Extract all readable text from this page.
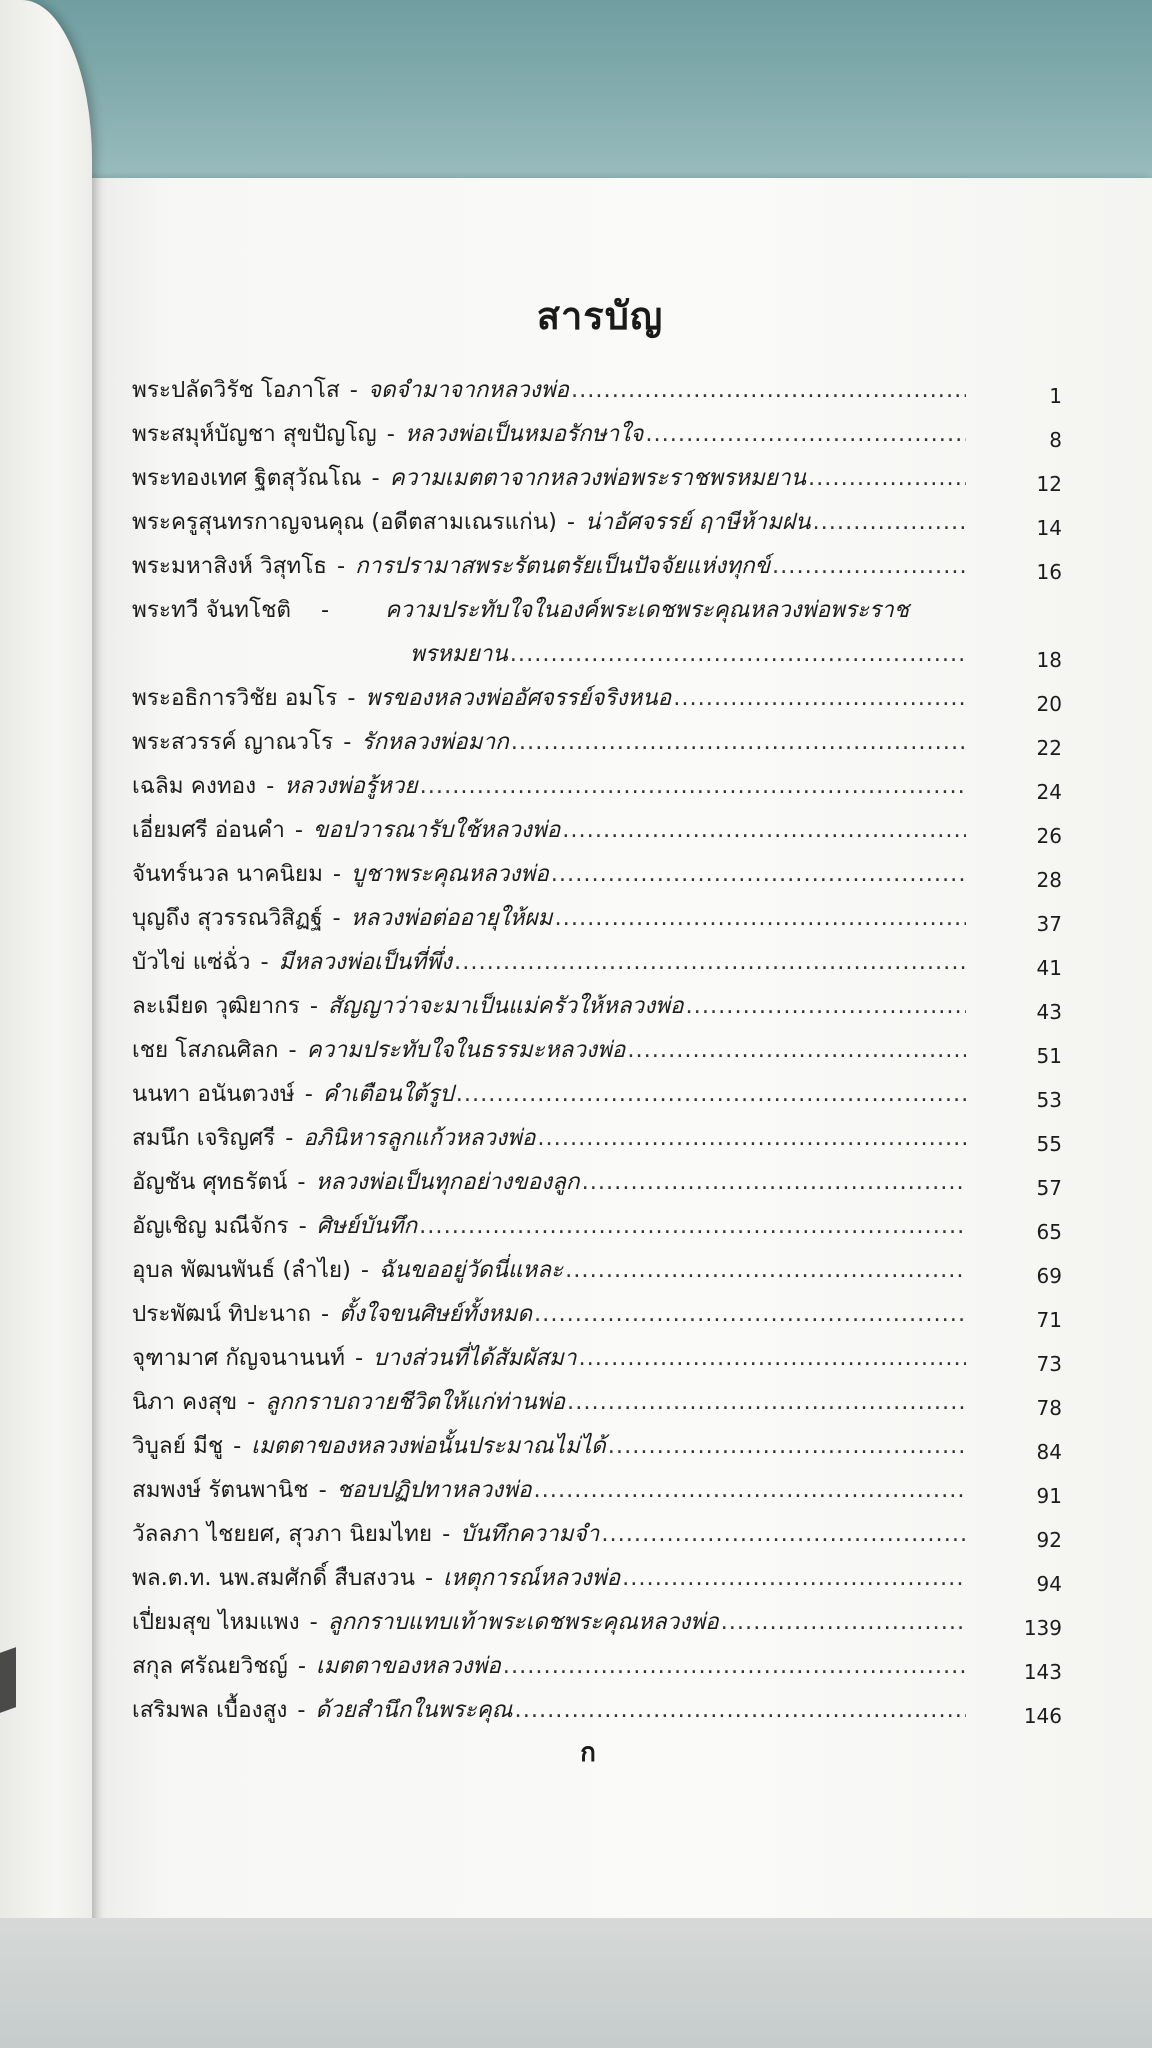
สารบัญ
พระปลัดวิรัช โอภาโส - จดจำมาจากหลวงพ่อ .....	1
พระสมุห์บัญชา สุขปัญโญ - หลวงพ่อเป็นหมอรักษาใจ .....	8
พระทองเทศ ฐิตสุวัณโณ - ความเมตตาจากหลวงพ่อพระราชพรหมยาน .....	12
พระครูสุนทรกาญจนคุณ (อดีตสามเณรแก่น) - น่าอัศจรรย์ ฤาษีห้ามฝน .....	14
พระมหาสิงห์ วิสุทโธ - การปรามาสพระรัตนตรัยเป็นปัจจัยแห่งทุกข์ .....	16
พระทวี จันทโชติ	-	ความประทับใจในองค์พระเดชพระคุณหลวงพ่อพระราช
พรหมยาน .....	18
พระอธิการวิชัย อมโร - พรของหลวงพ่ออัศจรรย์จริงหนอ .....	20
พระสวรรค์ ญาณวโร - รักหลวงพ่อมาก .....	22
เฉลิม คงทอง - หลวงพ่อรู้หวย .....	24
เอี่ยมศรี อ่อนคำ - ขอปวารณารับใช้หลวงพ่อ .....	26
จันทร์นวล นาคนิยม - บูชาพระคุณหลวงพ่อ .....	28
บุญถึง สุวรรณวิสิฏฐ์ - หลวงพ่อต่ออายุให้ผม .....	37
บัวไข่ แซ่ฉั่ว - มีหลวงพ่อเป็นที่พึ่ง .....	41
ละเมียด วุฒิยากร - สัญญาว่าจะมาเป็นแม่ครัวให้หลวงพ่อ .....	43
เชย โสภณศิลก - ความประทับใจในธรรมะหลวงพ่อ .....	51
นนทา อนันตวงษ์ - คำเตือนใต้รูป .....	53
สมนึก เจริญศรี - อภินิหารลูกแก้วหลวงพ่อ .....	55
อัญชัน ศุทธรัตน์ - หลวงพ่อเป็นทุกอย่างของลูก .....	57
อัญเชิญ มณีจักร - ศิษย์บันทึก .....	65
อุบล พัฒนพันธ์ (ลำไย) - ฉันขออยู่วัดนี่แหละ .....	69
ประพัฒน์ ทิปะนาถ - ตั้งใจขนศิษย์ทั้งหมด .....	71
จุฑามาศ กัญจนานนท์ - บางส่วนที่ได้สัมผัสมา .....	73
นิภา คงสุข - ลูกกราบถวายชีวิตให้แก่ท่านพ่อ .....	78
วิบูลย์ มีชู - เมตตาของหลวงพ่อนั้นประมาณไม่ได้ .....	84
สมพงษ์ รัตนพานิช - ชอบปฏิปทาหลวงพ่อ .....	91
วัลลภา ไชยยศ, สุวภา นิยมไทย - บันทึกความจำ .....	92
พล.ต.ท. นพ.สมศักดิ์ สืบสงวน - เหตุการณ์หลวงพ่อ .....	94
เปี่ยมสุข ไหมแพง - ลูกกราบแทบเท้าพระเดชพระคุณหลวงพ่อ .....	139
สกุล ศรัณยวิชญ์ - เมตตาของหลวงพ่อ .....	143
เสริมพล เบื้องสูง - ด้วยสำนึกในพระคุณ .....	146
ก
